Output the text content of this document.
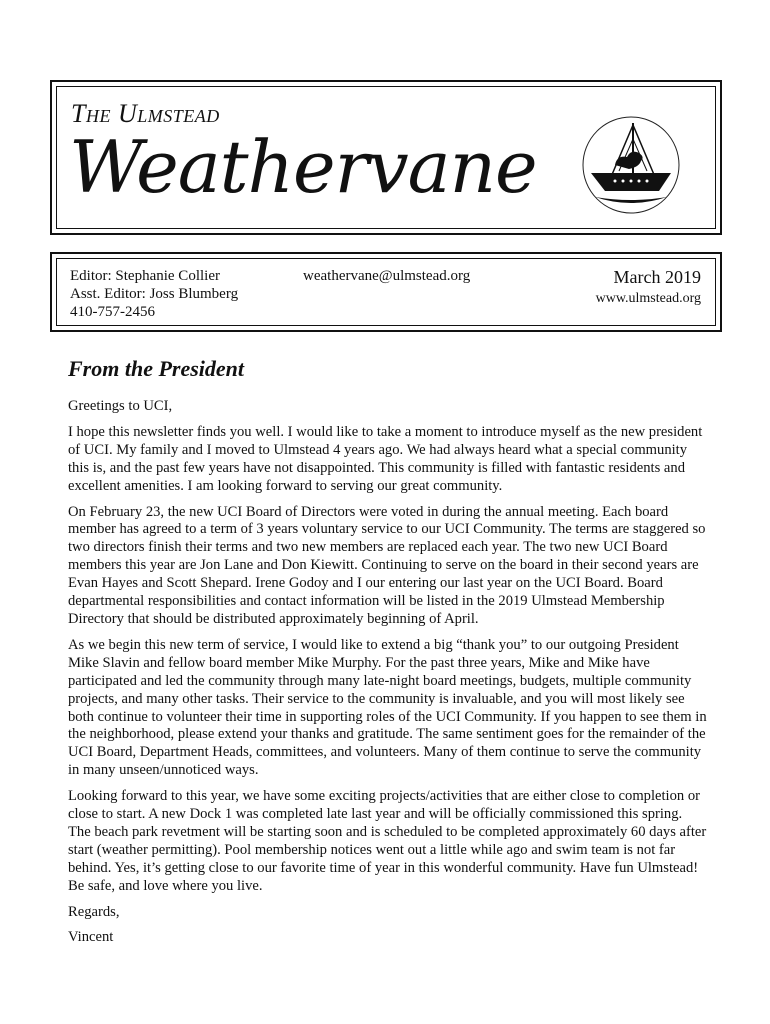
The Ulmstead
Weathervane
Editor: Stephanie Collier
Asst. Editor: Joss Blumberg
410-757-2456
weathervane@ulmstead.org	March 2019
www.ulmstead.org
From the President

Greetings to UCI,

I hope this newsletter finds you well. I would like to take a moment to introduce myself as the new president of UCI. My family and I moved to Ulmstead 4 years ago. We had always heard what a special community this is, and the past few years have not disappointed. This community is filled with fantastic residents and excellent amenities. I am looking forward to serving our great community.

On February 23, the new UCI Board of Directors were voted in during the annual meeting. Each board member has agreed to a term of 3 years voluntary service to our UCI Community. The terms are staggered so two directors finish their terms and two new members are replaced each year. The two new UCI Board members this year are Jon Lane and Don Kiewitt. Continuing to serve on the board in their second years are Evan Hayes and Scott Shepard. Irene Godoy and I our entering our last year on the UCI Board. Board departmental responsibilities and contact information will be listed in the 2019 Ulmstead Membership Directory that should be distributed approximately beginning of April.

As we begin this new term of service, I would like to extend a big “thank you” to our outgoing President Mike Slavin and fellow board member Mike Murphy. For the past three years, Mike and Mike have participated and led the community through many late-night board meetings, budgets, multiple community projects, and many other tasks. Their service to the community is invaluable, and you will most likely see both continue to volunteer their time in supporting roles of the UCI Community. If you happen to see them in the neighborhood, please extend your thanks and gratitude. The same sentiment goes for the remainder of the UCI Board, Department Heads, committees, and volunteers. Many of them continue to serve the community in many unseen/unnoticed ways.

Looking forward to this year, we have some exciting projects/activities that are either close to completion or close to start. A new Dock 1 was completed late last year and will be officially commissioned this spring. The beach park revetment will be starting soon and is scheduled to be completed approximately 60 days after start (weather permitting). Pool membership notices went out a little while ago and swim team is not far behind. Yes, it’s getting close to our favorite time of year in this wonderful community. Have fun Ulmstead! Be safe, and love where you live.

Regards,

Vincent
